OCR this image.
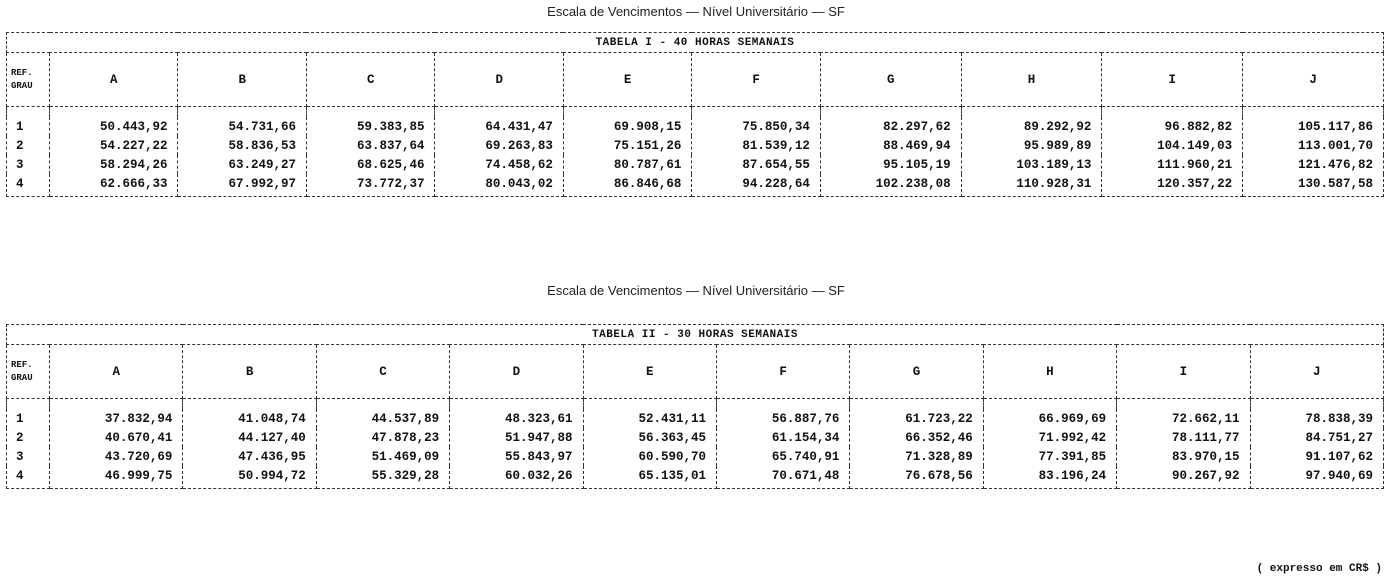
Escala de Vencimentos — Nível Universitário — SF
TABELA I - 40 HORAS SEMANAIS										
REF.
GRAU	A	B	C	D	E	F	G	H	I	J

1	50.443,92	54.731,66	59.383,85	64.431,47	69.908,15	75.850,34	82.297,62	89.292,92	96.882,82	105.117,86
2	54.227,22	58.836,53	63.837,64	69.263,83	75.151,26	81.539,12	88.469,94	95.989,89	104.149,03	113.001,70
3	58.294,26	63.249,27	68.625,46	74.458,62	80.787,61	87.654,55	95.105,19	103.189,13	111.960,21	121.476,82
4	62.666,33	67.992,97	73.772,37	80.043,02	86.846,68	94.228,64	102.238,08	110.928,31	120.357,22	130.587,58
Escala de Vencimentos — Nível Universitário — SF
TABELA II - 30 HORAS SEMANAIS										
REF.
GRAU	A	B	C	D	E	F	G	H	I	J

1	37.832,94	41.048,74	44.537,89	48.323,61	52.431,11	56.887,76	61.723,22	66.969,69	72.662,11	78.838,39
2	40.670,41	44.127,40	47.878,23	51.947,88	56.363,45	61.154,34	66.352,46	71.992,42	78.111,77	84.751,27
3	43.720,69	47.436,95	51.469,09	55.843,97	60.590,70	65.740,91	71.328,89	77.391,85	83.970,15	91.107,62
4	46.999,75	50.994,72	55.329,28	60.032,26	65.135,01	70.671,48	76.678,56	83.196,24	90.267,92	97.940,69
( expresso em CR$ )
